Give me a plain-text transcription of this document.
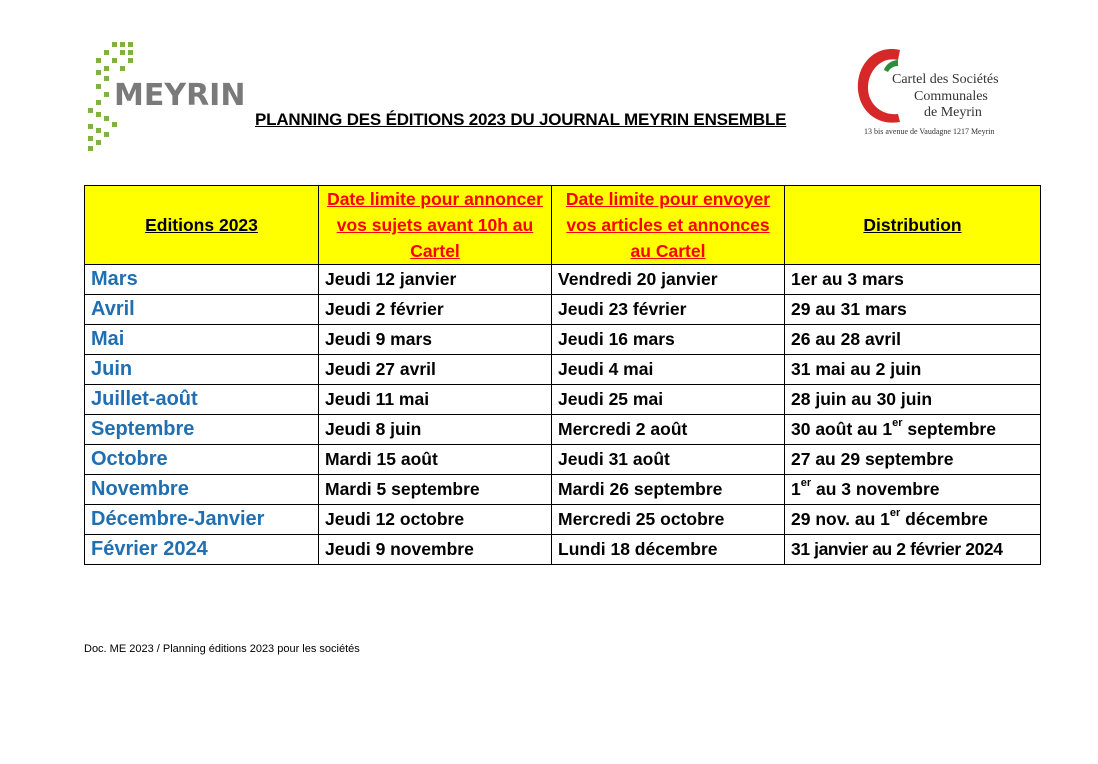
MEYRIN	Cartel des Sociétés
Communales
de Meyrin
13 bis avenue de Vaudagne 1217 Meyrin
PLANNING DES ÉDITIONS 2023 DU JOURNAL MEYRIN ENSEMBLE
Editions 2023	Date limite pour annoncer vos sujets avant 10h au Cartel	Date limite pour envoyer vos articles et annonces au Cartel	Distribution
Mars	Jeudi 12 janvier	Vendredi 20 janvier	1er au 3 mars
Avril	Jeudi 2 février	Jeudi 23 février	29 au 31 mars
Mai	Jeudi 9 mars	Jeudi 16 mars	26 au 28 avril
Juin	Jeudi 27 avril	Jeudi 4 mai	31 mai au 2 juin
Juillet-août	Jeudi 11 mai	Jeudi 25 mai	28 juin au 30 juin
Septembre	Jeudi 8 juin	Mercredi 2 août	30 août au 1er septembre
Octobre	Mardi 15 août	Jeudi 31 août	27 au 29 septembre
Novembre	Mardi 5 septembre	Mardi 26 septembre	1er au 3 novembre
Décembre-Janvier	Jeudi 12 octobre	Mercredi 25 octobre	29 nov. au 1er décembre
Février 2024	Jeudi 9 novembre	Lundi 18 décembre	31 janvier au 2 février 2024
Doc. ME 2023 / Planning éditions 2023 pour les sociétés
